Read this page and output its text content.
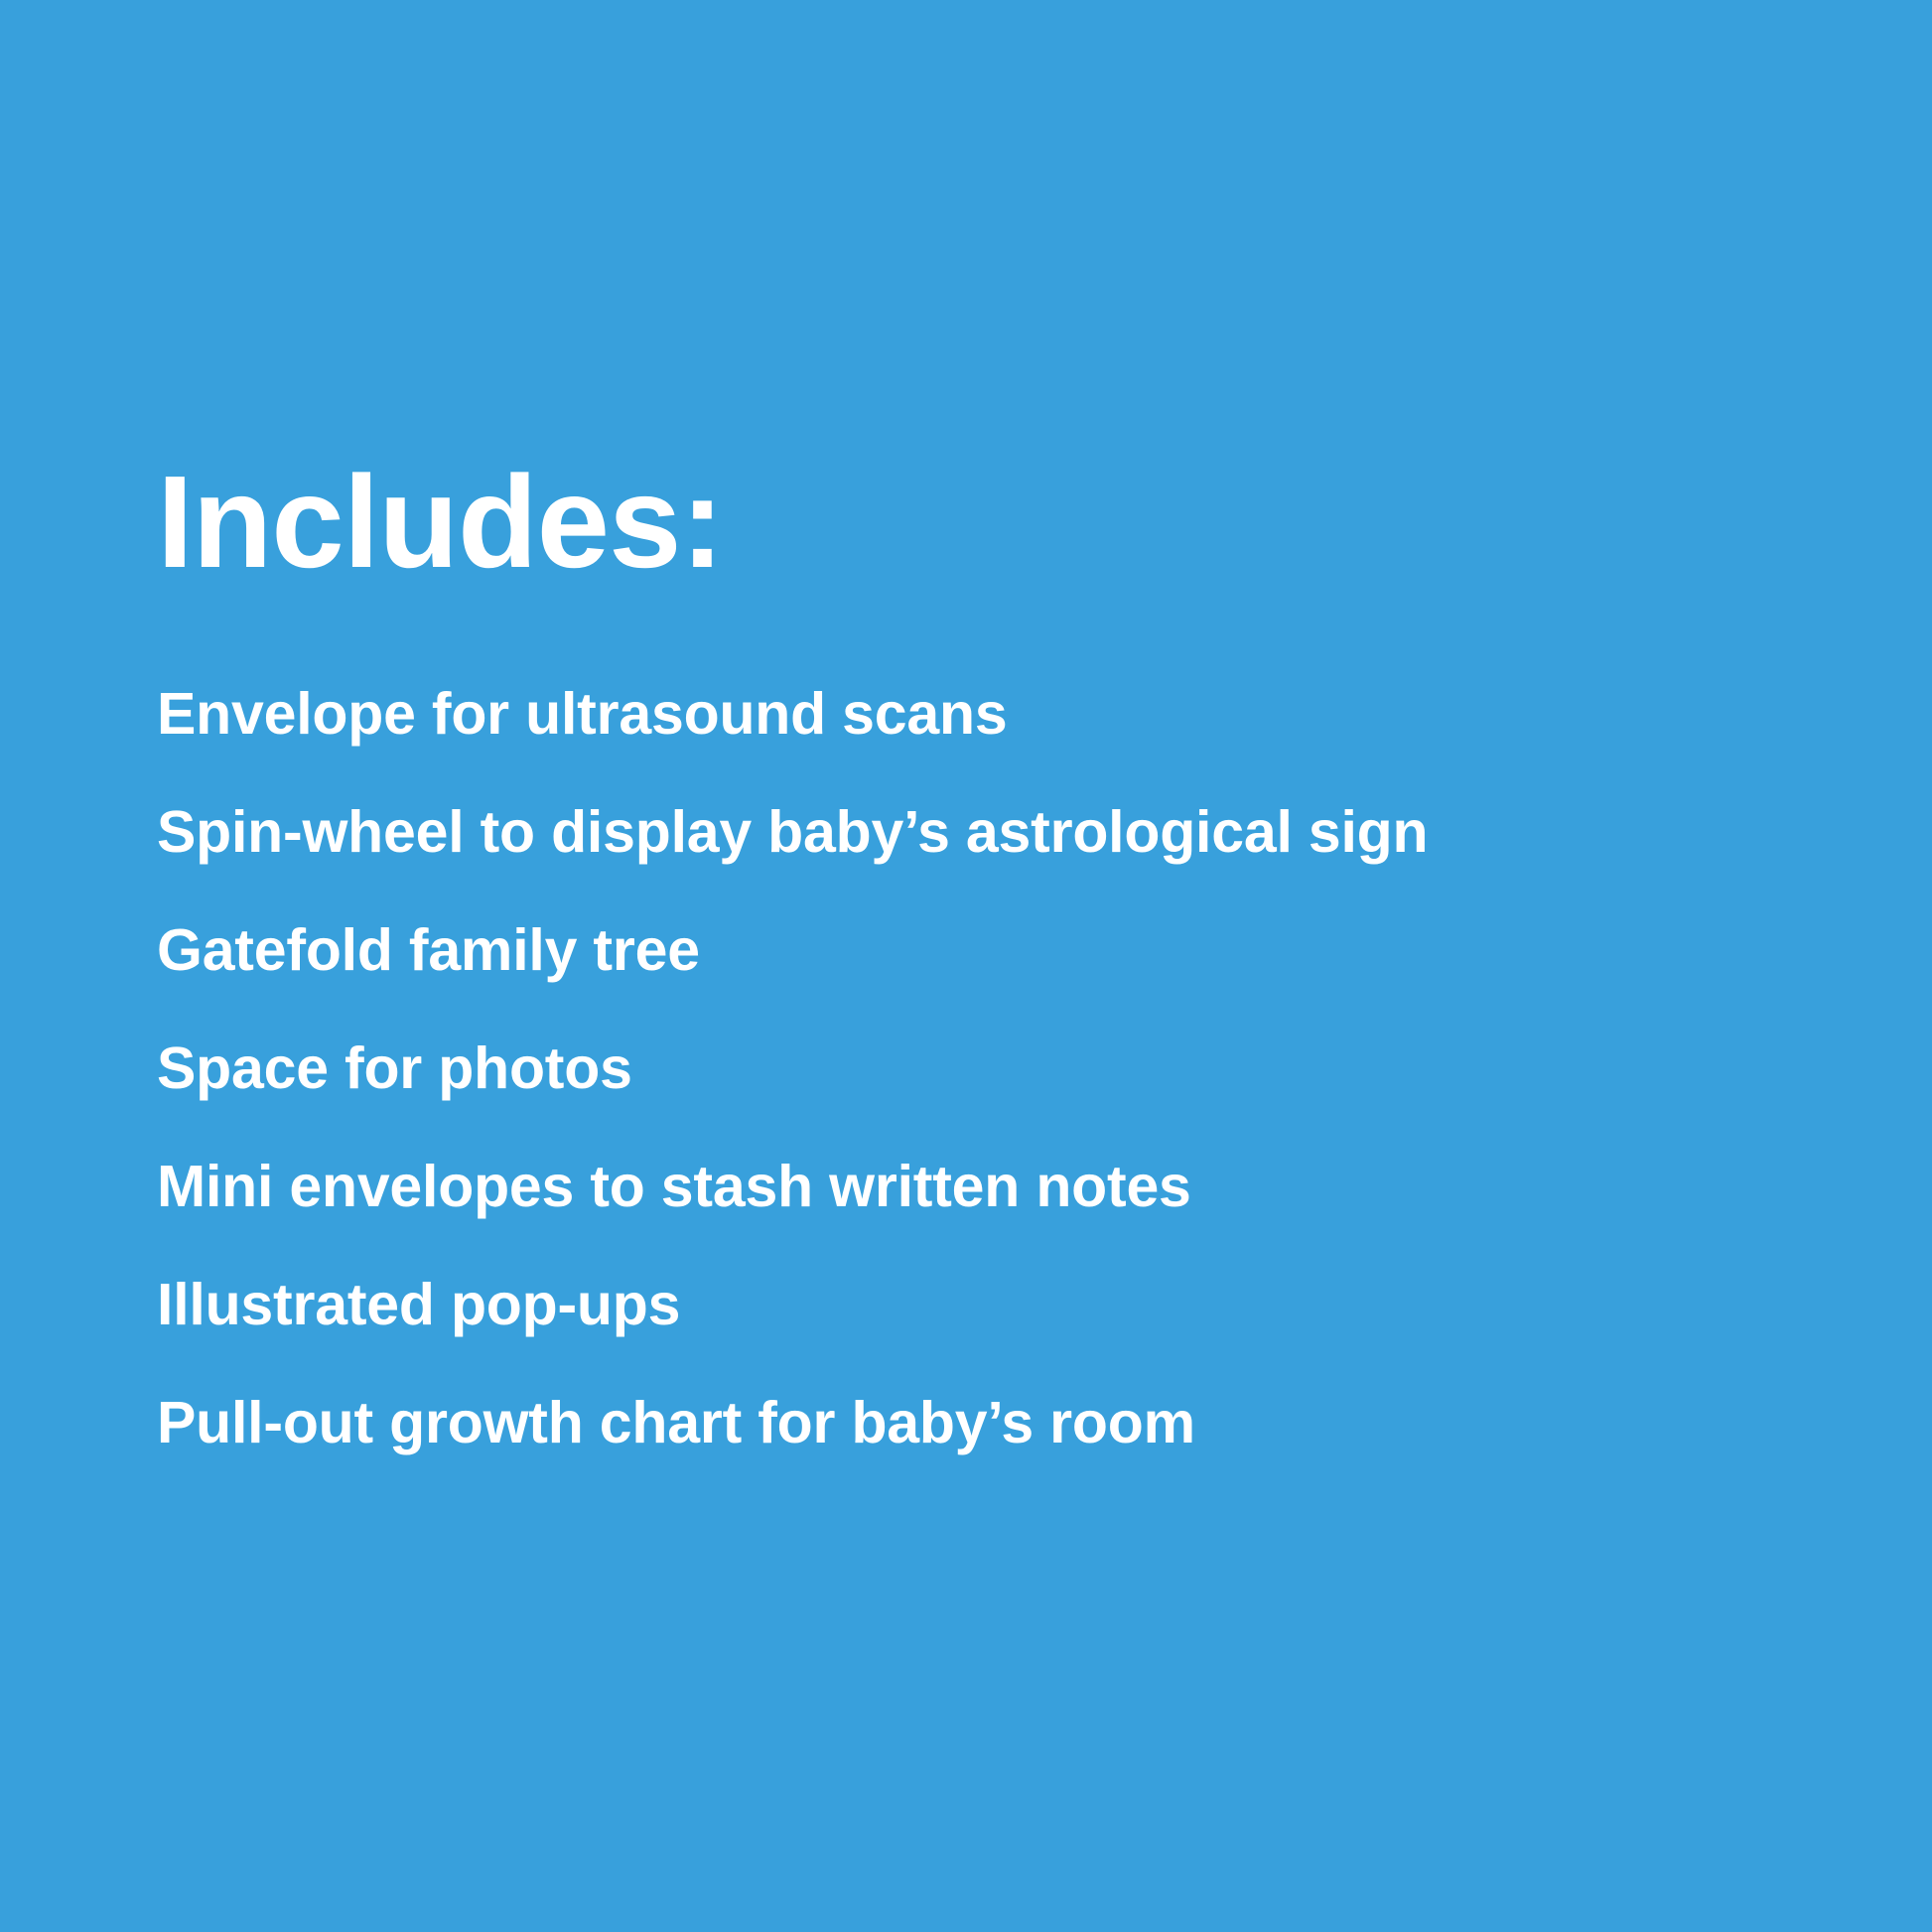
Includes:
Envelope for ultrasound scans
Spin-wheel to display baby’s astrological sign
Gatefold family tree
Space for photos
Mini envelopes to stash written notes
Illustrated pop-ups
Pull-out growth chart for baby’s room
